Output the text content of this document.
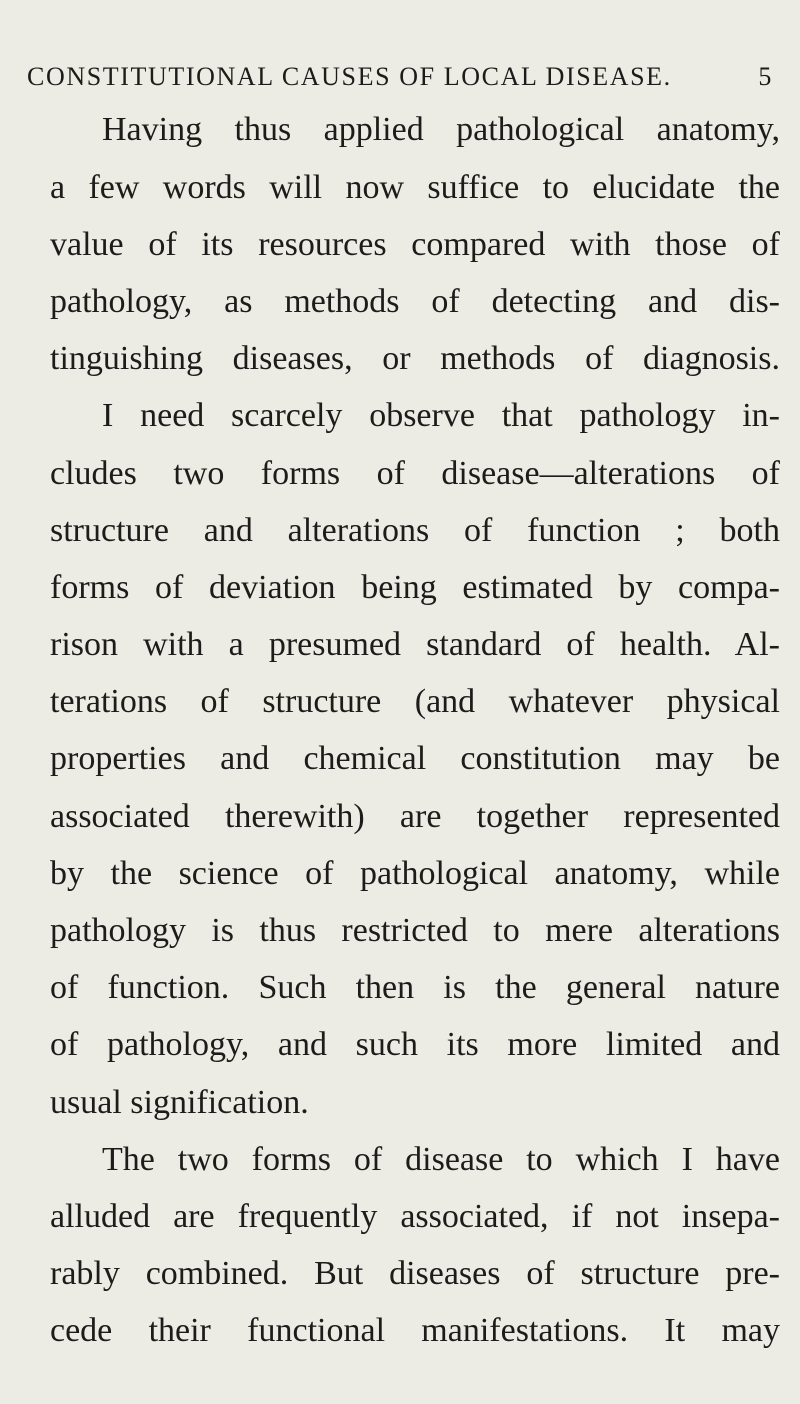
CONSTITUTIONAL CAUSES OF LOCAL DISEASE.	5
Having thus applied pathological anatomy,
a few words will now suffice to elucidate the
value of its resources compared with those of
pathology, as methods of detecting and dis-
tinguishing diseases, or methods of diagnosis.
I need scarcely observe that pathology in-
cludes two forms of disease—alterations of
structure and alterations of function ; both
forms of deviation being estimated by compa-
rison with a presumed standard of health. Al-
terations of structure (and whatever physical
properties and chemical constitution may be
associated therewith) are together represented
by the science of pathological anatomy, while
pathology is thus restricted to mere alterations
of function. Such then is the general nature
of pathology, and such its more limited and
usual signification.
The two forms of disease to which I have
alluded are frequently associated, if not insepa-
rably combined. But diseases of structure pre-
cede their functional manifestations. It may
